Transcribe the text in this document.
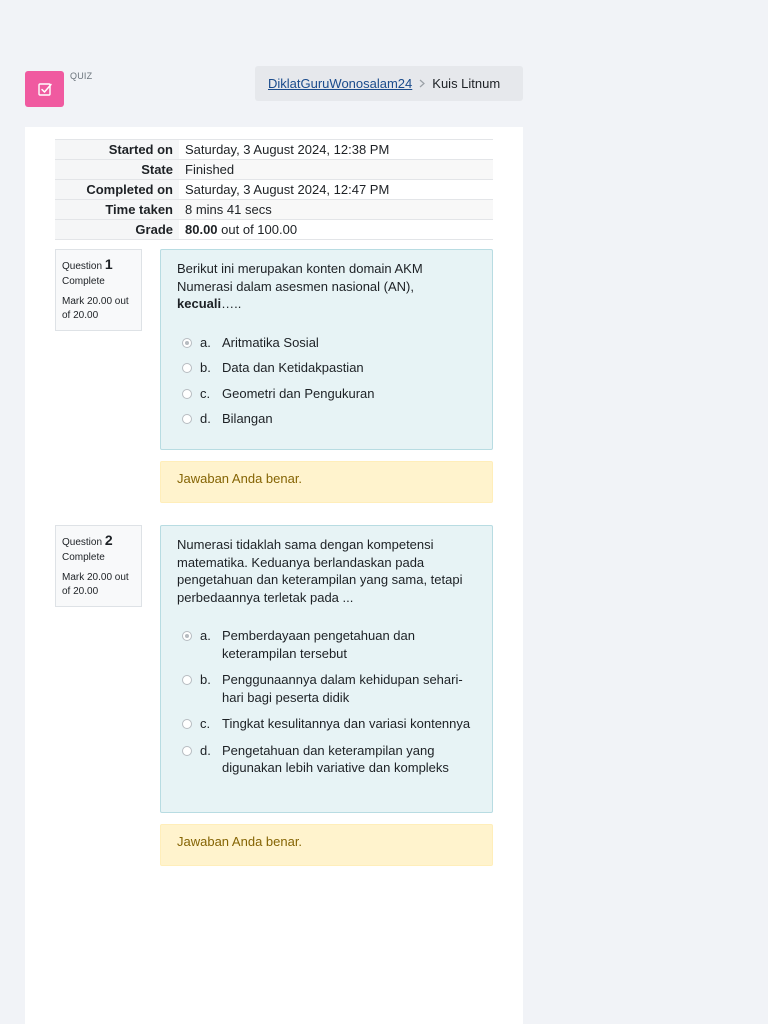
QUIZ	DiklatGuruWonosalam24 Kuis Litnum
Started on	Saturday, 3 August 2024, 12:38 PM
State	Finished
Completed on	Saturday, 3 August 2024, 12:47 PM
Time taken	8 mins 41 secs
Grade	80.00 out of 100.00
Question 1
Complete
Mark 20.00 out of 20.00
Berikut ini merupakan konten domain AKM Numerasi dalam asesmen nasional (AN), kecuali…..
a. Aritmatika Sosial
b. Data dan Ketidakpastian
c. Geometri dan Pengukuran
d. Bilangan
Jawaban Anda benar.
Question 2
Complete
Mark 20.00 out of 20.00
Numerasi tidaklah sama dengan kompetensi matematika. Keduanya berlandaskan pada pengetahuan dan keterampilan yang sama, tetapi perbedaannya terletak pada ...
a. Pemberdayaan pengetahuan dan keterampilan tersebut
b. Penggunaannya dalam kehidupan sehari-hari bagi peserta didik
c. Tingkat kesulitannya dan variasi kontennya
d. Pengetahuan dan keterampilan yang digunakan lebih variative dan kompleks
Jawaban Anda benar.
